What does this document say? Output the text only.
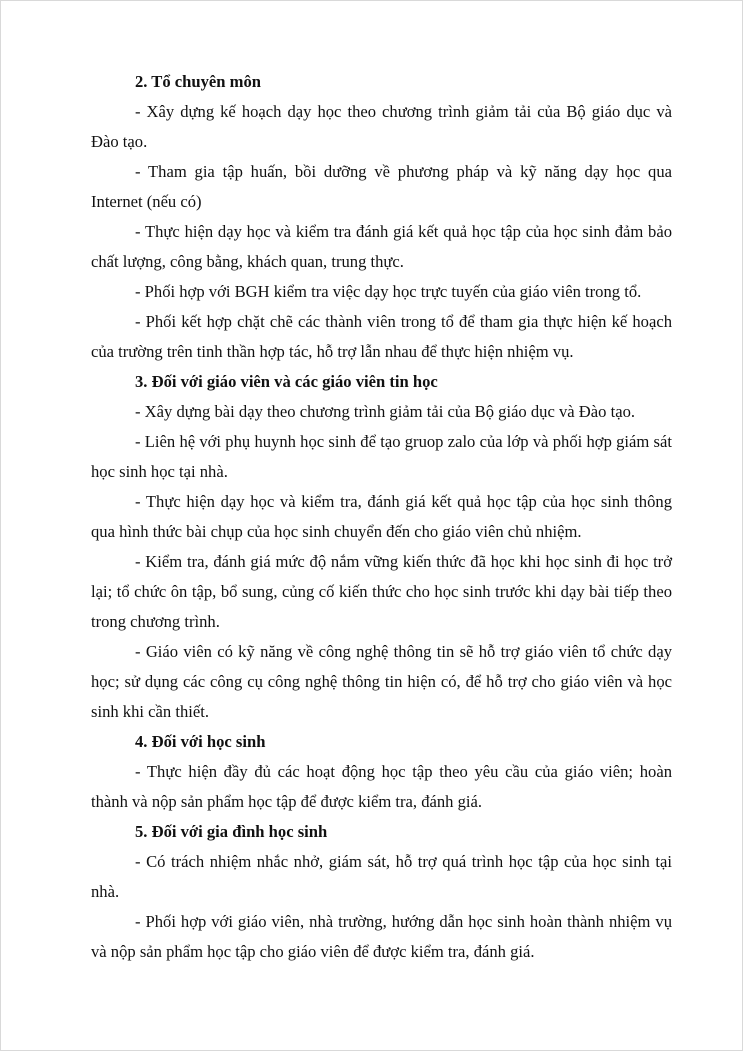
2. Tổ chuyên môn

- Xây dựng kế hoạch dạy học theo chương trình giảm tải của Bộ giáo dục và Đào tạo.

- Tham gia tập huấn, bồi dưỡng về phương pháp và kỹ năng dạy học qua Internet (nếu có)

- Thực hiện dạy học và kiểm tra đánh giá kết quả học tập của học sinh đảm bảo chất lượng, công bằng, khách quan, trung thực.

- Phối hợp với BGH kiểm tra việc dạy học trực tuyến của giáo viên trong tổ.

- Phối kết hợp chặt chẽ các thành viên trong tổ để tham gia thực hiện kế hoạch của trường trên tinh thần hợp tác, hỗ trợ lẫn nhau để thực hiện nhiệm vụ.

3. Đối với giáo viên và các giáo viên tin học

- Xây dựng bài dạy theo chương trình giảm tải của Bộ giáo dục và Đào tạo.

- Liên hệ với phụ huynh học sinh để tạo gruop zalo của lớp và phối hợp giám sát học sinh học tại nhà.

- Thực hiện dạy học và kiểm tra, đánh giá kết quả học tập của học sinh thông qua hình thức bài chụp của học sinh chuyển đến cho giáo viên chủ nhiệm.

- Kiểm tra, đánh giá mức độ nắm vững kiến thức đã học khi học sinh đi học trở lại; tổ chức ôn tập, bổ sung, củng cố kiến thức cho học sinh trước khi dạy bài tiếp theo trong chương trình.

- Giáo viên có kỹ năng về công nghệ thông tin sẽ hỗ trợ giáo viên tổ chức dạy học; sử dụng các công cụ công nghệ thông tin hiện có, để hỗ trợ cho giáo viên và học sinh khi cần thiết.

4. Đối với học sinh

- Thực hiện đầy đủ các hoạt động học tập theo yêu cầu của giáo viên; hoàn thành và nộp sản phẩm học tập để được kiểm tra, đánh giá.

5. Đối với gia đình học sinh

- Có trách nhiệm nhắc nhở, giám sát, hỗ trợ quá trình học tập của học sinh tại nhà.

- Phối hợp với giáo viên, nhà trường, hướng dẫn học sinh hoàn thành nhiệm vụ và nộp sản phẩm học tập cho giáo viên để được kiểm tra, đánh giá.
